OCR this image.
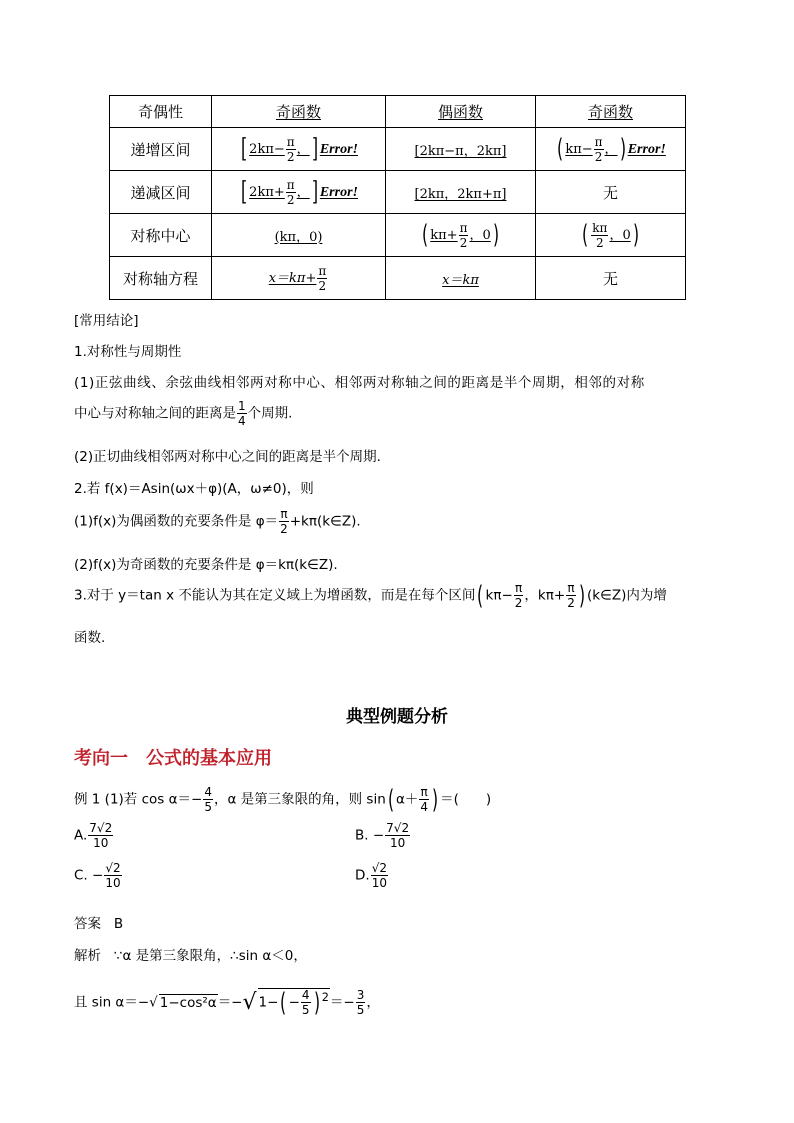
奇偶性	奇函数	偶函数	奇函数
递增区间	[ $2k\pi- \frac{\pi}{2}$ ，] Error!	[2kπ−π，2kπ]	( $k\pi- \frac{\pi}{2}$ ，) Error!
递减区间	[ $2k\pi+ \frac{\pi}{2}$ ，] Error!	[2kπ，2kπ+π]	无
对称中心	(kπ，0)	( $k\pi+ \frac{\pi}{2}$ ，0)	( $\frac{k\pi}{2}$ ，0)
对称轴方程	$x=k\pi+ \frac{\pi}{2}$	x＝kπ	无
[常用结论]
1.对称性与周期性
(1)正弦曲线、余弦曲线相邻两对称中心、相邻两对称轴之间的距离是半个周期，相邻的对称
中心与对称轴之间的距离是 $\frac{1}{4}$ 个周期.
(2)正切曲线相邻两对称中心之间的距离是半个周期.
2.若 f(x)＝Asin(ωx＋φ)(A，ω≠0)，则
(1)f(x)为偶函数的充要条件是 $\varphi= \frac{\pi}{2}$ +kπ(k∈Z).
(2)f(x)为奇函数的充要条件是 φ＝kπ(k∈Z).
3.对于 y＝tan x 不能认为其在定义域上为增函数，而是在每个区间( $k\pi- \frac{\pi}{2}$ ，$k\pi+ \frac{\pi}{2}$ ) (k∈Z)内为增
函数.
典型例题分析
考向一　公式的基本应用
例 1 (1)若 $\cos \alpha=- \frac{4}{5}$ ，α 是第三象限的角，则 sin( $\alpha+ \frac{\pi}{4}$ ) ＝(　　)
A. $\frac{7√2}{10}$	B. − $\frac{7√2}{10}$
C. − $\frac{√2}{10}$	D. $\frac{√2}{10}$
答案 B
解析 ∵α 是第三象限角，∴sin α＜0，
且 sin α＝−√ 1−cos²α＝−√ $1-( - \frac{4}{5}$ ) $^2=- \frac{3}{5}$ ，
